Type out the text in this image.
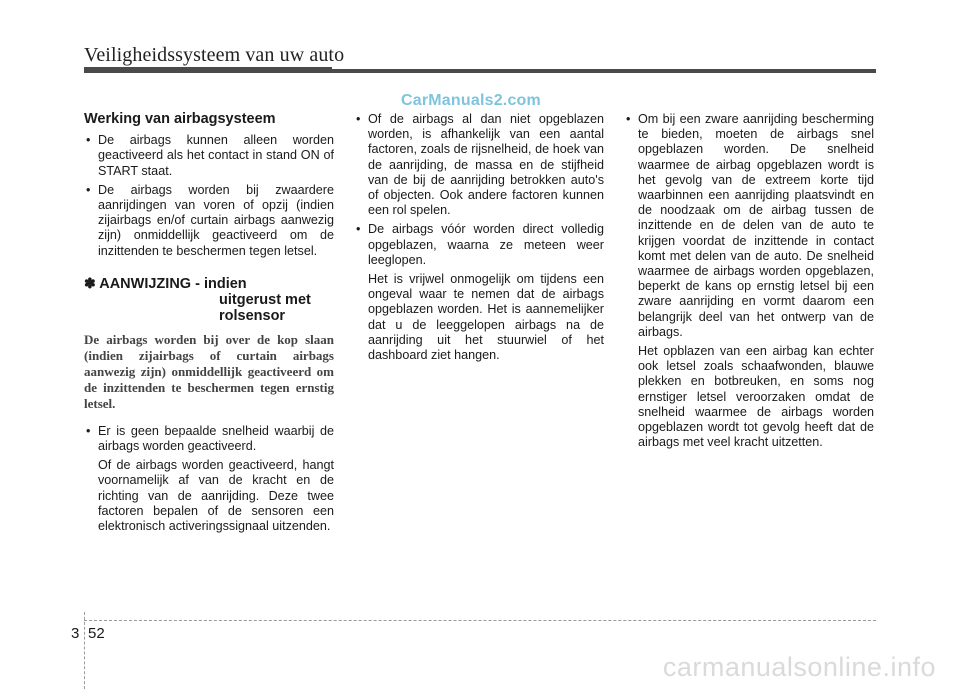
Veiligheidssysteem van uw auto
CarManuals2.com
Werking van airbagsysteem
• De airbags kunnen alleen worden geactiveerd als het contact in stand ON of START staat.
• De airbags worden bij zwaardere aanrijdingen van voren of opzij (indien zijairbags en/of curtain airbags aanwezig zijn) onmiddellijk geactiveerd om de inzittenden te beschermen tegen letsel.
✽ AANWIJZING - indien
uitgerust met
rolsensor
De airbags worden bij over de kop slaan (indien zijairbags of curtain airbags aanwezig zijn) onmiddellijk geactiveerd om de inzittenden te beschermen tegen ernstig letsel.
• Er is geen bepaalde snelheid waarbij de airbags worden geactiveerd.
Of de airbags worden geactiveerd, hangt voornamelijk af van de kracht en de richting van de aanrijding. Deze twee factoren bepalen of de sensoren een elektronisch activeringssignaal uitzenden.
• Of de airbags al dan niet opgeblazen worden, is afhankelijk van een aantal factoren, zoals de rijsnelheid, de hoek van de aanrijding, de massa en de stijfheid van de bij de aanrijding betrokken auto's of objecten. Ook andere factoren kunnen een rol spelen.
• De airbags vóór worden direct volledig opgeblazen, waarna ze meteen weer leeglopen.
Het is vrijwel onmogelijk om tijdens een ongeval waar te nemen dat de airbags opgeblazen worden. Het is aannemelijker dat u de leeggelopen airbags na de aanrijding uit het stuurwiel of het dashboard ziet hangen.
• Om bij een zware aanrijding bescherming te bieden, moeten de airbags snel opgeblazen worden. De snelheid waarmee de airbag opgeblazen wordt is het gevolg van de extreem korte tijd waarbinnen een aanrijding plaatsvindt en de noodzaak om de airbag tussen de inzittende en de delen van de auto te krijgen voordat de inzittende in contact komt met delen van de auto. De snelheid waarmee de airbags worden opgeblazen, beperkt de kans op ernstig letsel bij een zware aanrijding en vormt daarom een belangrijk deel van het ontwerp van de airbags.
Het opblazen van een airbag kan echter ook letsel zoals schaafwonden, blauwe plekken en botbreuken, en soms nog ernstiger letsel veroorzaken omdat de snelheid waarmee de airbags worden opgeblazen wordt tot gevolg heeft dat de airbags met veel kracht uitzetten.
3 52
carmanualsonline.info
